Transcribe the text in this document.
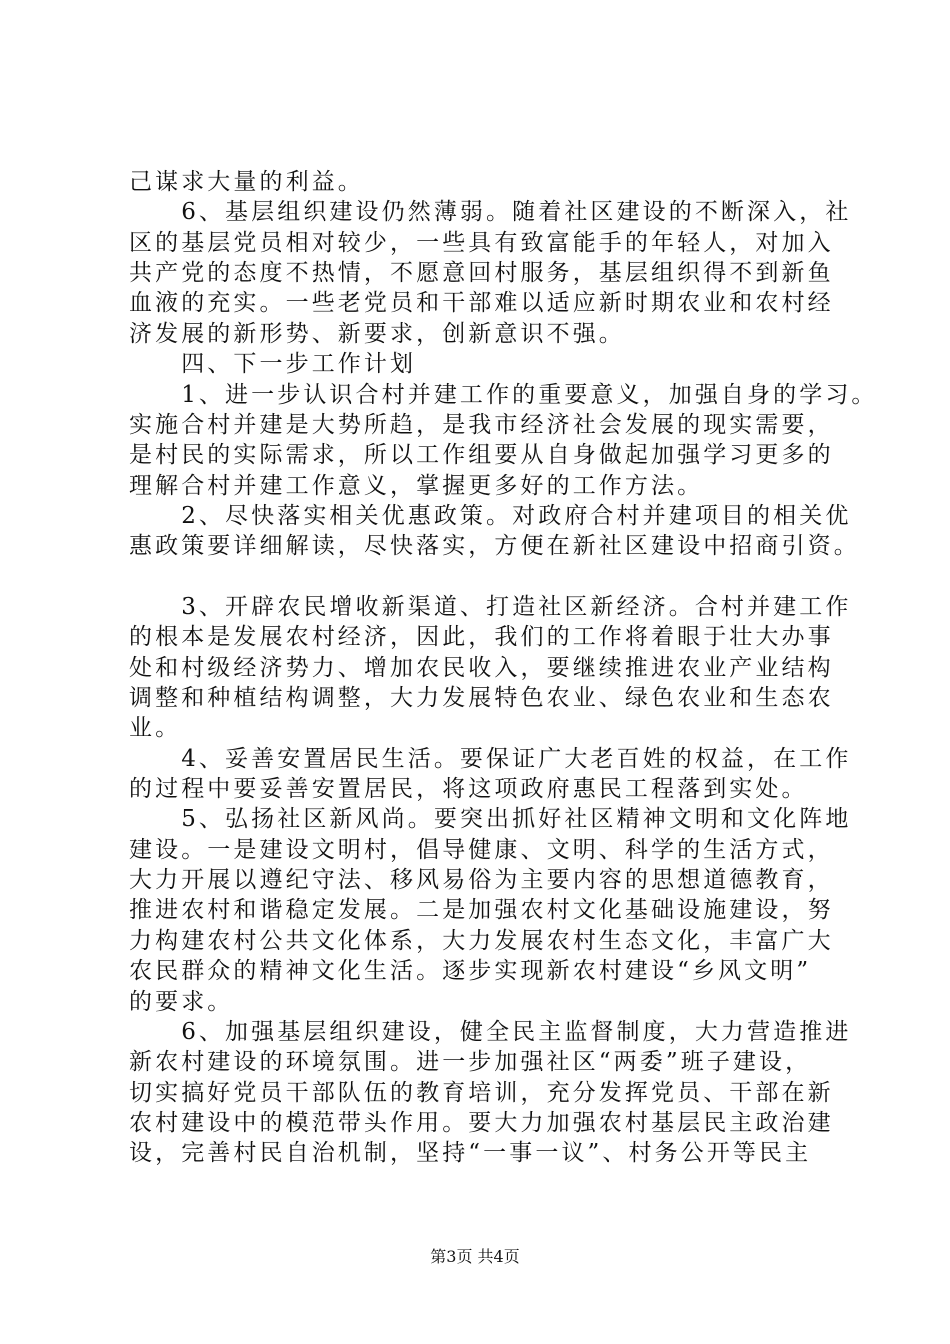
己谋求大量的利益。
　　6、基层组织建设仍然薄弱。随着社区建设的不断深入，社
区的基层党员相对较少，一些具有致富能手的年轻人，对加入
共产党的态度不热情，不愿意回村服务，基层组织得不到新鱼
血液的充实。一些老党员和干部难以适应新时期农业和农村经
济发展的新形势、新要求，创新意识不强。
　　四、下一步工作计划
　　1、进一步认识合村并建工作的重要意义，加强自身的学习。
实施合村并建是大势所趋，是我市经济社会发展的现实需要，
是村民的实际需求，所以工作组要从自身做起加强学习更多的
理解合村并建工作意义，掌握更多好的工作方法。
　　2、尽快落实相关优惠政策。对政府合村并建项目的相关优
惠政策要详细解读，尽快落实，方便在新社区建设中招商引资。
　　3、开辟农民增收新渠道、打造社区新经济。合村并建工作
的根本是发展农村经济，因此，我们的工作将着眼于壮大办事
处和村级经济势力、增加农民收入，要继续推进农业产业结构
调整和种植结构调整，大力发展特色农业、绿色农业和生态农
业。
　　4、妥善安置居民生活。要保证广大老百姓的权益，在工作
的过程中要妥善安置居民，将这项政府惠民工程落到实处。
　　5、弘扬社区新风尚。要突出抓好社区精神文明和文化阵地
建设。一是建设文明村，倡导健康、文明、科学的生活方式，
大力开展以遵纪守法、移风易俗为主要内容的思想道德教育，
推进农村和谐稳定发展。二是加强农村文化基础设施建设，努
力构建农村公共文化体系，大力发展农村生态文化，丰富广大
农民群众的精神文化生活。逐步实现新农村建设“乡风文明”
的要求。
　　6、加强基层组织建设，健全民主监督制度，大力营造推进
新农村建设的环境氛围。进一步加强社区“两委”班子建设，
切实搞好党员干部队伍的教育培训，充分发挥党员、干部在新
农村建设中的模范带头作用。要大力加强农村基层民主政治建
设，完善村民自治机制，坚持“一事一议”、村务公开等民主
第3页 共4页
